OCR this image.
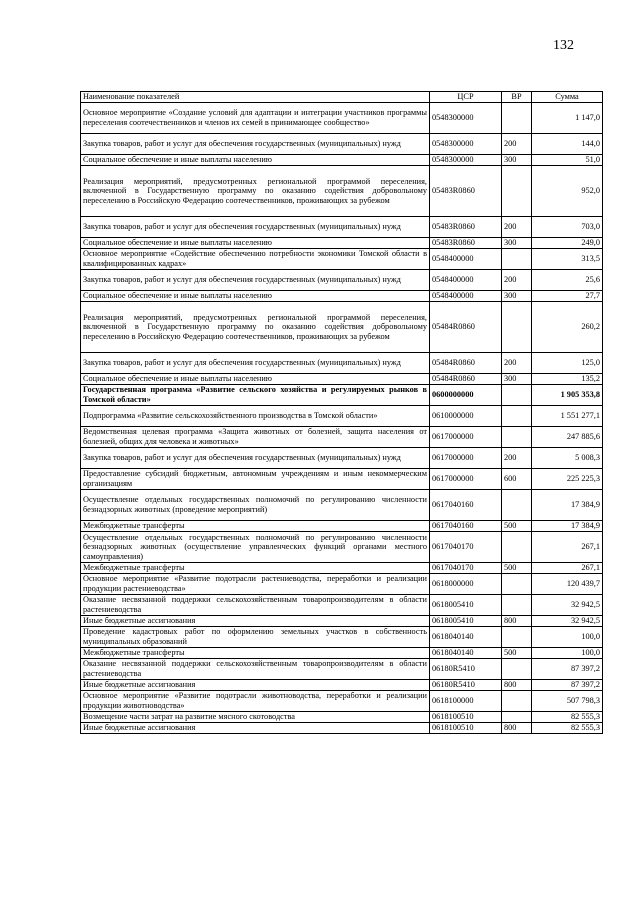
132
Наименование показателей	ЦСР	ВР	Сумма
Основное мероприятие «Создание условий для адаптации и интеграции участников программы переселения соотечественников и членов их семей в принимающее сообщество»	0548300000		1 147,0
Закупка товаров, работ и услуг для обеспечения государственных (муниципальных) нужд	0548300000	200	144,0
Социальное обеспечение и иные выплаты населению	0548300000	300	51,0
Реализация мероприятий, предусмотренных региональной программой переселения, включенной в Государственную программу по оказанию содействия добровольному переселению в Российскую Федерацию соотечественников, проживающих за рубежом	05483R0860		952,0
Закупка товаров, работ и услуг для обеспечения государственных (муниципальных) нужд	05483R0860	200	703,0
Социальное обеспечение и иные выплаты населению	05483R0860	300	249,0
Основное мероприятие «Содействие обеспечению потребности экономики Томской области в квалифицированных кадрах»	0548400000		313,5
Закупка товаров, работ и услуг для обеспечения государственных (муниципальных) нужд	0548400000	200	25,6
Социальное обеспечение и иные выплаты населению	0548400000	300	27,7
Реализация мероприятий, предусмотренных региональной программой переселения, включенной в Государственную программу по оказанию содействия добровольному переселению в Российскую Федерацию соотечественников, проживающих за рубежом	05484R0860		260,2
Закупка товаров, работ и услуг для обеспечения государственных (муниципальных) нужд	05484R0860	200	125,0
Социальное обеспечение и иные выплаты населению	05484R0860	300	135,2
Государственная программа «Развитие сельского хозяйства и регулируемых рынков в Томской области»	0600000000		1 905 353,8
Подпрограмма «Развитие сельскохозяйственного производства в Томской области»	0610000000		1 551 277,1
Ведомственная целевая программа «Защита животных от болезней, защита населения от болезней, общих для человека и животных»	0617000000		247 885,6
Закупка товаров, работ и услуг для обеспечения государственных (муниципальных) нужд	0617000000	200	5 008,3
Предоставление субсидий бюджетным, автономным учреждениям и иным некоммерческим организациям	0617000000	600	225 225,3
Осуществление отдельных государственных полномочий по регулированию численности безнадзорных животных (проведение мероприятий)	0617040160		17 384,9
Межбюджетные трансферты	0617040160	500	17 384,9
Осуществление отдельных государственных полномочий по регулированию численности безнадзорных животных (осуществление управленческих функций органами местного самоуправления)	0617040170		267,1
Межбюджетные трансферты	0617040170	500	267,1
Основное мероприятие «Развитие подотрасли растениеводства, переработки и реализации продукции растениеводства»	0618000000		120 439,7
Оказание несвязанной поддержки сельскохозяйственным товаропроизводителям в области растениеводства	0618005410		32 942,5
Иные бюджетные ассигнования	0618005410	800	32 942,5
Проведение кадастровых работ по оформлению земельных участков в собственность муниципальных образований	0618040140		100,0
Межбюджетные трансферты	0618040140	500	100,0
Оказание несвязанной поддержки сельскохозяйственным товаропроизводителям в области растениеводства	06180R5410		87 397,2
Иные бюджетные ассигнования	06180R5410	800	87 397,2
Основное мероприятие «Развитие подотрасли животноводства, переработки и реализации продукции животноводства»	0618100000		507 798,3
Возмещение части затрат на развитие мясного скотоводства	0618100510		82 555,3
Иные бюджетные ассигнования	0618100510	800	82 555,3
